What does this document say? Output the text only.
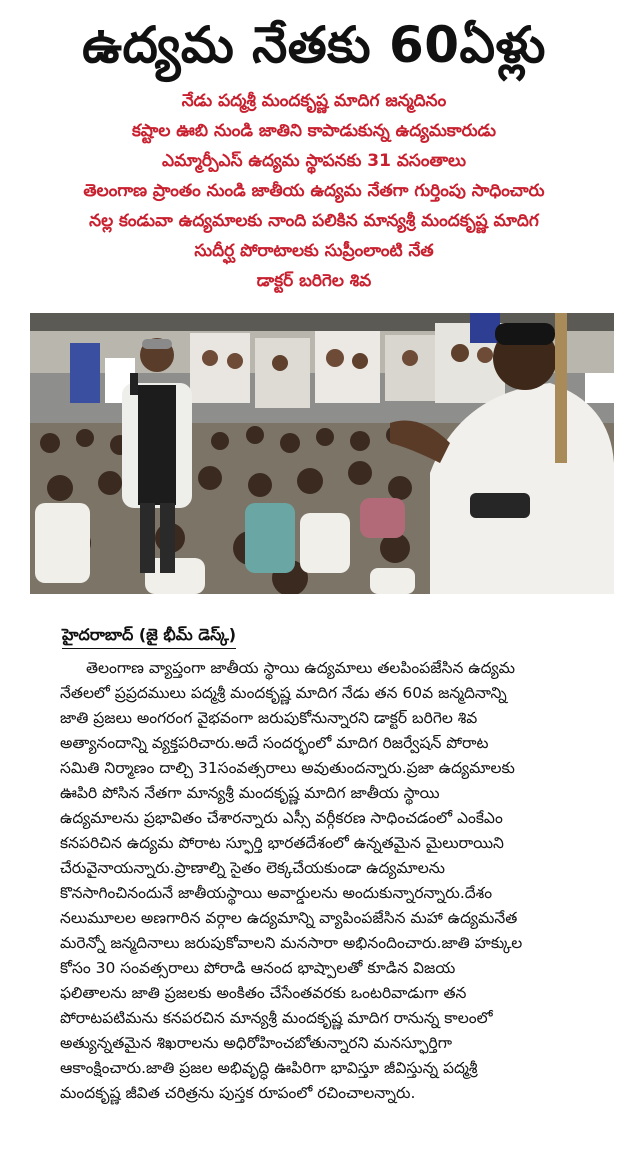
ఉద్యమ నేతకు 60ఏళ్లు
నేడు పద్మశ్రీ మందకృష్ణ మాదిగ జన్మదినం
కష్టాల ఊబి నుండి జాతిని కాపాడుకున్న ఉద్యమకారుడు
ఎమ్మార్పీఎస్ ఉద్యమ స్థాపనకు 31 వసంతాలు
తెలంగాణ ప్రాంతం నుండి జాతీయ ఉద్యమ నేతగా గుర్తింపు సాధించారు
నల్ల కండువా ఉద్యమాలకు నాంది పలికిన మాన్యశ్రీ మందకృష్ణ మాదిగ
సుదీర్ఘ పోరాటాలకు సుప్రీంలాంటి నేత
డాక్టర్ బరిగెల శివ
హైదరాబాద్ (జై భీమ్ డెస్క్)
తెలంగాణ వ్యాప్తంగా జాతీయ స్థాయి ఉద్యమాలు తలపింపజేసిన ఉద్యమ
నేతలలో ప్రప్రదములు పద్మశ్రీ మందకృష్ణ మాదిగ నేడు తన 60వ జన్మదినాన్ని
జాతి ప్రజలు అంగరంగ వైభవంగా జరుపుకోనున్నారని డాక్టర్ బరిగెల శివ
అత్యానందాన్ని వ్యక్తపరిచారు.అదే సందర్భంలో మాదిగ రిజర్వేషన్ పోరాట
సమితి నిర్మాణం దాల్చి 31సంవత్సరాలు అవుతుందన్నారు.ప్రజా ఉద్యమాలకు
ఊపిరి పోసిన నేతగా మాన్యశ్రీ మందకృష్ణ మాదిగ జాతీయ స్థాయి
ఉద్యమాలను ప్రభావితం చేశారన్నారు ఎస్సీ వర్గీకరణ సాధించడంలో ఎంకేఎం
కనపరిచిన ఉద్యమ పోరాట స్ఫూర్తి భారతదేశంలో ఉన్నతమైన మైలురాయిని
చేరువైనాయన్నారు.ప్రాణాల్ని సైతం లెక్కచేయకుండా ఉద్యమాలను
కొనసాగించినందునే జాతీయస్థాయి అవార్డులను అందుకున్నారన్నారు.దేశం
నలుమూలల అణగారిన వర్గాల ఉద్యమాన్ని వ్యాపింపజేసిన మహా ఉద్యమనేత
మరెన్నో జన్మదినాలు జరుపుకోవాలని మనసారా అభినందించారు.జాతి హక్కుల
కోసం 30 సంవత్సరాలు పోరాడి ఆనంద భాష్పాలతో కూడిన విజయ
ఫలితాలను జాతి ప్రజలకు అంకితం చేసేంతవరకు ఒంటరివాడుగా తన
పోరాటపటిమను కనపరచిన మాన్యశ్రీ మందకృష్ణ మాదిగ రానున్న కాలంలో
అత్యున్నతమైన శిఖరాలను అధిరోహించబోతున్నారని మనస్ఫూర్తిగా
ఆకాంక్షించారు.జాతి ప్రజల అభివృద్ధి ఊపిరిగా భావిస్తూ జీవిస్తున్న పద్మశ్రీ
మందకృష్ణ జీవిత చరిత్రను పుస్తక రూపంలో రచించాలన్నారు.
